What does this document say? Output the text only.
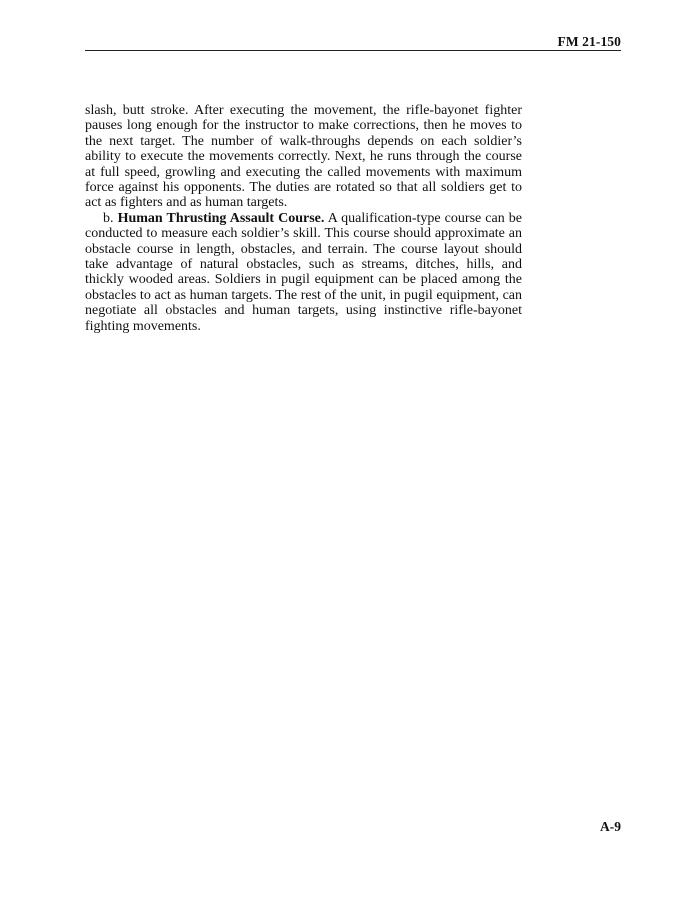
FM 21-150

slash, butt stroke. After executing the movement, the rifle-bayonet fighter pauses long enough for the instructor to make corrections, then he moves to the next target. The number of walk-throughs depends on each soldier’s ability to execute the movements correctly. Next, he runs through the course at full speed, growling and executing the called movements with maximum force against his opponents. The duties are rotated so that all soldiers get to act as fighters and as human targets.

b. Human Thrusting Assault Course. A qualification-type course can be conducted to measure each soldier’s skill. This course should approximate an obstacle course in length, obstacles, and terrain. The course layout should take advantage of natural obstacles, such as streams, ditches, hills, and thickly wooded areas. Soldiers in pugil equipment can be placed among the obstacles to act as human targets. The rest of the unit, in pugil equipment, can negotiate all obstacles and human targets, using instinctive rifle-bayonet fighting movements.

A-9
